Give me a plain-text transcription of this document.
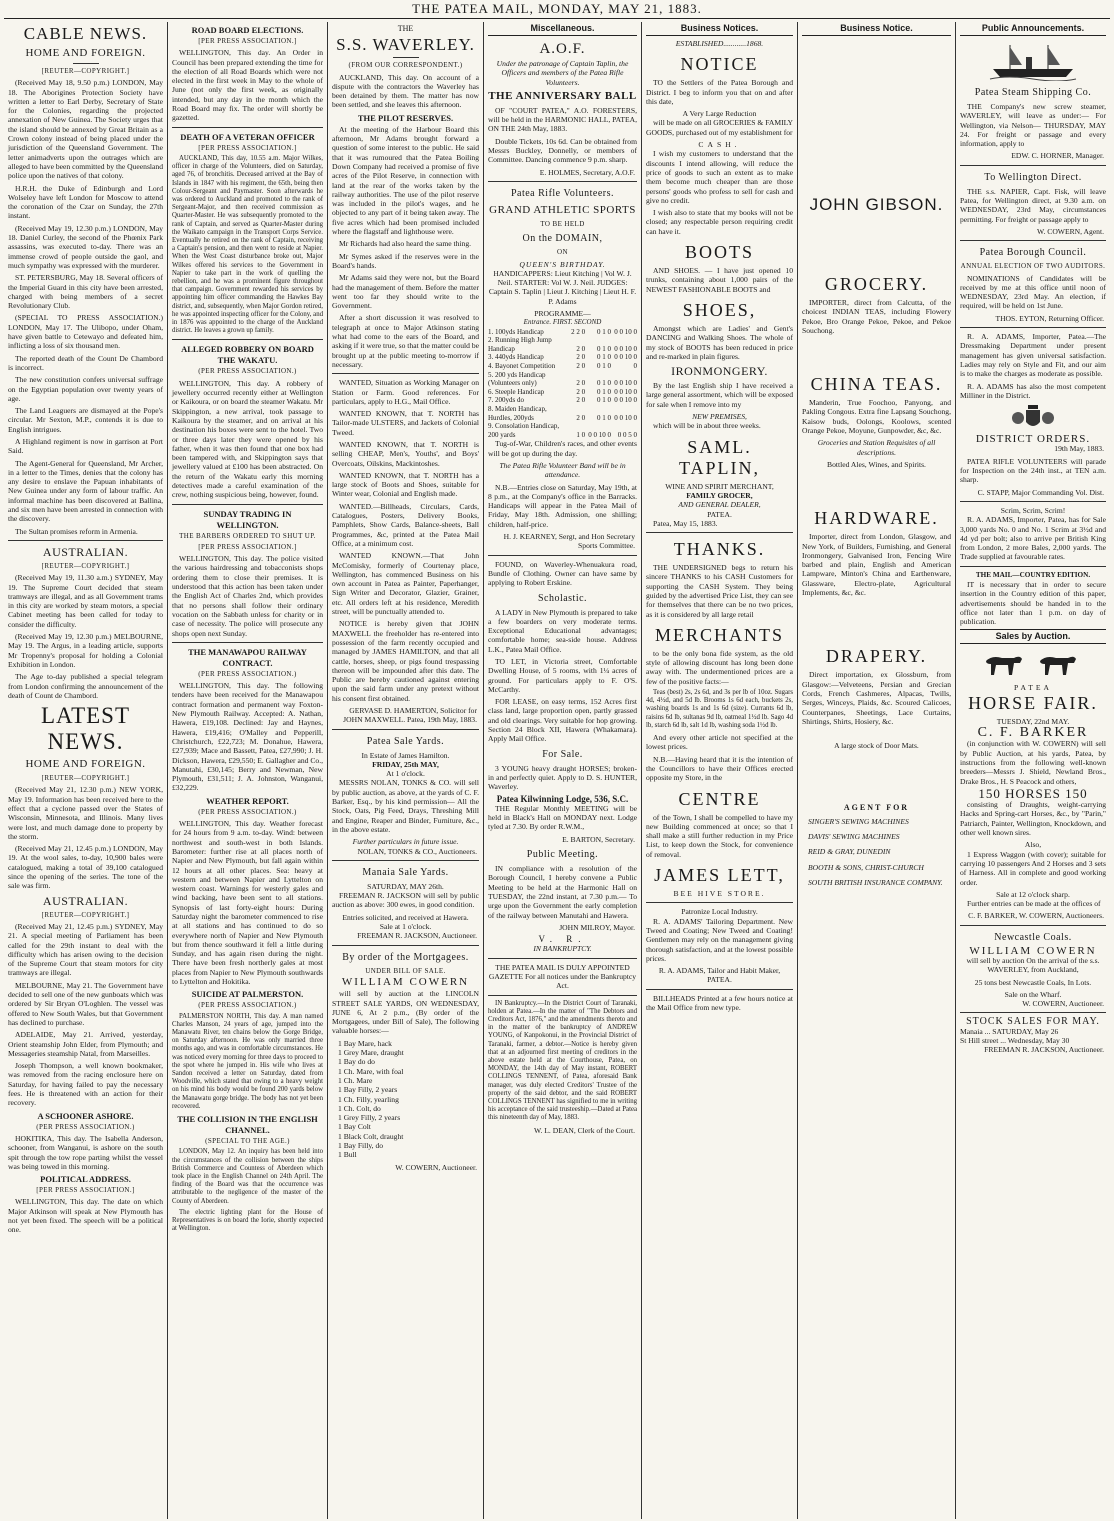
THE PATEA MAIL, MONDAY, MAY 21, 1883.
CABLE NEWS.
HOME AND FOREIGN.
[REUTER—COPYRIGHT.]

(Received May 18, 9.50 p.m.) LONDON, May 18. The Aborigines Protection Society have written a letter to Earl Derby, Secretary of State for the Colonies, regarding the projected annexation of New Guinea. The Society urges that the island should be annexed by Great Britain as a Crown colony instead of being placed under the jurisdiction of the Queensland Government. The letter animadverts upon the outrages which are alleged to have been committed by the Queensland police upon the natives of that colony.

H.R.H. the Duke of Edinburgh and Lord Wolseley have left London for Moscow to attend the coronation of the Czar on Sunday, the 27th instant.

(Received May 19, 12.30 p.m.) LONDON, May 18. Daniel Curley, the second of the Phœnix Park assassins, was executed to-day. There was an immense crowd of people outside the gaol, and much sympathy was expressed with the murderer.

ST. PETERSBURG, May 18. Several officers of the Imperial Guard in this city have been arrested, charged with being members of a secret Revolutionary Club.

(SPECIAL TO PRESS ASSOCIATION.) LONDON, May 17. The Ulibopo, under Oham, have given battle to Cetewayo and defeated him, inflicting a loss of six thousand men.

The reported death of the Count De Chambord is incorrect.

The new constitution confers universal suffrage on the Egyptian population over twenty years of age.

The Land Leaguers are dismayed at the Pope's circular. Mr Sexton, M.P., contends it is due to English intrigues.

A Highland regiment is now in garrison at Port Said.

The Agent-General for Queensland, Mr Archer, in a letter to the Times, denies that the colony has any desire to enslave the Papuan inhabitants of New Guinea under any form of labour traffic. An informal machine has been discovered at Ballina, and six men have been arrested in connection with the discovery.

The Sultan promises reform in Armenia.

AUSTRALIAN.
[REUTER—COPYRIGHT.]

(Received May 19, 11.30 a.m.) SYDNEY, May 19. The Supreme Court decided that steam tramways are illegal, and as all Government trams in this city are worked by steam motors, a special Cabinet meeting has been called for today to consider the difficulty.

(Received May 19, 12.30 p.m.) MELBOURNE, May 19. The Argus, in a leading article, supports Mr Tropenny's proposal for holding a Colonial Exhibition in London.

The Age to-day published a special telegram from London confirming the announcement of the death of Count de Chambord.

LATEST NEWS.
HOME AND FOREIGN.
[REUTER—COPYRIGHT.]

(Received May 21, 12.30 p.m.) NEW YORK, May 19. Information has been received here to the effect that a cyclone passed over the States of Wisconsin, Minnesota, and Illinois. Many lives were lost, and much damage done to property by the storm.

(Received May 21, 12.45 p.m.) LONDON, May 19. At the wool sales, to-day, 10,900 bales were catalogued, making a total of 39,100 catalogued since the opening of the series. The tone of the sale was firm.

AUSTRALIAN.
[REUTER—COPYRIGHT.]

(Received May 21, 12.45 p.m.) SYDNEY, May 21. A special meeting of Parliament has been called for the 29th instant to deal with the difficulty which has arisen owing to the decision of the Supreme Court that steam motors for city tramways are illegal.

MELBOURNE, May 21. The Government have decided to sell one of the new gunboats which was ordered by Sir Bryan O'Loghlen. The vessel was offered to New South Wales, but that Government has declined to purchase.

ADELAIDE, May 21. Arrived, yesterday, Orient steamship John Elder, from Plymouth; and Messageries steamship Natal, from Marseilles.

Joseph Thompson, a well known bookmaker, was removed from the racing enclosure here on Saturday, for having failed to pay the necessary fees. He is threatened with an action for their recovery.

A SCHOONER ASHORE.
(PER PRESS ASSOCIATION.)

HOKITIKA, This day. The Isabella Anderson, schooner, from Wanganui, is ashore on the south spit through the tow rope parting whilst the vessel was being towed in this morning.

POLITICAL ADDRESS.
[PER PRESS ASSOCIATION.]

WELLINGTON, This day. The date on which Major Atkinson will speak at New Plymouth has not yet been fixed. The speech will be a political one.

ROAD BOARD ELECTIONS.
[PER PRESS ASSOCIATION.]

WELLINGTON, This day. An Order in Council has been prepared extending the time for the election of all Road Boards which were not elected in the first week in May to the whole of June (not only the first week, as originally intended, but any day in the month which the Road Board may fix. The order will shortly be gazetted.

DEATH OF A VETERAN OFFICER
[PER PRESS ASSOCIATION.]

AUCKLAND, This day, 10.55 a.m. Major Wilkes, officer in charge of the Volunteers, died on Saturday, aged 76, of bronchitis. Deceased arrived at the Bay of Islands in 1847 with his regiment, the 65th, being then Colour-Sergeant and Paymaster. Soon afterwards he was ordered to Auckland and promoted to the rank of Sergeant-Major, and then received commission as Quarter-Master. He was subsequently promoted to the rank of Captain, and served as Quarter-Master during the Waikato campaign in the Transport Corps Service. Eventually he retired on the rank of Captain, receiving a Captain's pension, and then went to reside at Napier. When the West Coast disturbance broke out, Major Wilkes offered his services to the Government in Napier to take part in the work of quelling the rebellion, and he was a prominent figure throughout that campaign. Government rewarded his services by appointing him officer commanding the Hawkes Bay district, and, subsequently, when Major Gordon retired, he was appointed inspecting officer for the Colony, and in 1876 was appointed to the charge of the Auckland district. He leaves a grown up family.

ALLEGED ROBBERY ON BOARD THE WAKATU.
(PER PRESS ASSOCIATION.)

WELLINGTON, This day. A robbery of jewellery occurred recently either at Wellington or Kaikoura, or on board the steamer Wakatu. Mr Skippington, a new arrival, took passage to Kaikoura by the steamer, and on arrival at his destination his boxes were sent to the hotel. Two or three days later they were opened by his father, when it was then found that one box had been tampered with, and Skippington says that jewellery valued at £100 has been abstracted. On the return of the Wakatu early this morning detectives made a careful examination of the crew, nothing suspicious being, however, found.

SUNDAY TRADING IN WELLINGTON.
THE BARBERS ORDERED TO SHUT UP.
[PER PRESS ASSOCIATION.]

WELLINGTON, This day. The police visited the various hairdressing and tobacconists shops ordering them to close their premises. It is understood that this action has been taken under the English Act of Charles 2nd, which provides that no persons shall follow their ordinary vocation on the Sabbath unless for charity or in case of necessity. The police will prosecute any shops open next Sunday.

THE MANAWAPOU RAILWAY CONTRACT.
(PER PRESS ASSOCIATION.)

WELLINGTON, This day. The following tenders have been received for the Manawapou contract formation and permanent way Foxton-New Plymouth Railway. Accepted: A. Nathan, Hawera, £19,108. Declined: Jay and Haynes, Hawera, £19,416; O'Malley and Pepperill, Christchurch, £22,723; M. Donahue, Hawera, £27,939; Mace and Bassett, Patea, £27,990; J. H. Dickson, Hawera, £29,550; E. Gallagher and Co., Manutahi, £30,145; Berry and Newman, New Plymouth, £31,511; J. A. Johnston, Wanganui, £32,229.

WEATHER REPORT.
(PER PRESS ASSOCIATION.)

WELLINGTON, This day. Weather forecast for 24 hours from 9 a.m. to-day. Wind: between northwest and south-west in both Islands. Barometer: further rise at all places north of Napier and New Plymouth, but fall again within 12 hours at all other places. Sea: heavy at western and between Napier and Lyttelton on western coast. Warnings for westerly gales and wind backing, have been sent to all stations. Synopsis of last forty-eight hours: During Saturday night the barometer commenced to rise at all stations and has continued to do so everywhere north of Napier and New Plymouth but from thence southward it fell a little during Sunday, and has again risen during the night. There have been fresh northerly gales at most places from Napier to New Plymouth southwards to Lyttelton and Hokitika.

SUICIDE AT PALMERSTON.
(PER PRESS ASSOCIATION.)

PALMERSTON NORTH, This day. A man named Charles Manson, 24 years of age, jumped into the Manawatu River, ten chains below the Gorge Bridge, on Saturday afternoon. He was only married three months ago, and was in comfortable circumstances. He was noticed every morning for three days to proceed to the spot where he jumped in. His wife who lives at Sandon received a letter on Saturday, dated from Woodville, which stated that owing to a heavy weight on his mind his body would be found 200 yards below the Manawatu gorge bridge. The body has not yet been recovered.

THE COLLISION IN THE ENGLISH CHANNEL.
(SPECIAL TO THE AGE.)

LONDON, May 12. An inquiry has been held into the circumstances of the collision between the ships British Commerce and Countess of Aberdeen which took place in the English Channel on 24th April. The finding of the Board was that the occurrence was attributable to the negligence of the master of the County of Aberdeen.

The electric lighting plant for the House of Representatives is on board the Iorie, shortly expected at Wellington.

THE
S.S. WAVERLEY.
(FROM OUR CORRESPONDENT.)

AUCKLAND, This day. On account of a dispute with the contractors the Waverley has been detained by them. The matter has now been settled, and she leaves this afternoon.

THE PILOT RESERVES.

At the meeting of the Harbour Board this afternoon, Mr Adams brought forward a question of some interest to the public. He said that it was rumoured that the Patea Boiling Down Company had received a promise of five acres of the Pilot Reserve, in connection with land at the rear of the works taken by the railway authorities. The use of the pilot reserve was included in the pilot's wages, and he objected to any part of it being taken away. The five acres which had been promised included where the flagstaff and lighthouse were.

Mr Richards had also heard the same thing.

Mr Symes asked if the reserves were in the Board's hands.

Mr Adams said they were not, but the Board had the management of them. Before the matter went too far they should write to the Government.

After a short discussion it was resolved to telegraph at once to Major Atkinson stating what had come to the ears of the Board, and asking if it were true, so that the matter could be brought up at the public meeting to-morrow if necessary.

WANTED, Situation as Working Manager on Station or Farm. Good references. For particulars, apply to H.G., Mail Office.

WANTED KNOWN, that T. NORTH has Tailor-made ULSTERS, and Jackets of Colonial Tweed.

WANTED KNOWN, that T. NORTH is selling CHEAP, Men's, Youths', and Boys' Overcoats, Oilskins, Mackintoshes.

WANTED KNOWN, that T. NORTH has a large stock of Boots and Shoes, suitable for Winter wear, Colonial and English made.

WANTED.—Billheads, Circulars, Cards, Catalogues, Posters, Delivery Books, Pamphlets, Show Cards, Balance-sheets, Ball Programmes, &c, printed at the Patea Mail Office, at a minimum cost.

WANTED KNOWN.—That John McComisky, formerly of Courtenay place, Wellington, has commenced Business on his own account in Patea as Painter, Paperhanger, Sign Writer and Decorator, Glazier, Grainer, etc. All orders left at his residence, Meredith street, will be punctually attended to.

NOTICE is hereby given that JOHN MAXWELL the freeholder has re-entered into possession of the farm recently occupied and managed by JAMES HAMILTON, and that all cattle, horses, sheep, or pigs found trespassing thereon will be impounded after this date. The Public are hereby cautioned against entering upon the said farm under any pretext without his consent first obtained.

GERVASE D. HAMERTON, Solicitor for JOHN MAXWELL. Patea, 19th May, 1883.

Patea Sale Yards.
In Estate of James Hamilton.
FRIDAY, 25th MAY,
At 1 o'clock.

MESSRS NOLAN, TONKS & CO. will sell by public auction, as above, at the yards of C. F. Barker, Esq., by his kind permission— All the Stock, Oats, Pig Feed, Drays, Threshing Mill and Engine, Reaper and Binder, Furniture, &c., in the above estate.

Further particulars in future issue.

NOLAN, TONKS & CO., Auctioneers.

Manaia Sale Yards.
SATURDAY, MAY 26th.

FREEMAN R. JACKSON will sell by public auction as above: 300 ewes, in good condition.

Entries solicited, and received at Hawera.
Sale at 1 o'clock.

FREEMAN R. JACKSON, Auctioneer.

By order of the Mortgagees.
UNDER BILL OF SALE.
WILLIAM COWERN

will sell by auction at the LINCOLN STREET SALE YARDS, ON WEDNESDAY, JUNE 6, At 2 p.m., (By order of the Mortgagees, under Bill of Sale), The following valuable horses:—

1 Bay Mare, hack
1 Grey Mare, draught
1 Bay do do
1 Ch. Mare, with foal
1 Ch. Mare
1 Bay Filly, 2 years
1 Ch. Filly, yearling
1 Ch. Colt, do
1 Grey Filly, 2 years
1 Bay Colt
1 Black Colt, draught
1 Bay Filly, do
1 Bull

W. COWERN, Auctioneer.

Miscellaneous.
A.O.F.
Under the patronage of Captain Taplin, the Officers and members of the Patea Rifle Volunteers.
THE ANNIVERSARY BALL

OF "COURT PATEA," A.O. FORESTERS, will be held in the HARMONIC HALL, PATEA, ON THE 24th May, 1883.

Double Tickets, 10s 6d. Can be obtained from Messrs Buckley, Donnelly, or members of Committee. Dancing commence 9 p.m. sharp.

E. HOLMES, Secretary, A.O.F.

Patea Rifle Volunteers.
GRAND ATHLETIC SPORTS
TO BE HELD
On the DOMAIN,
ON
QUEEN'S BIRTHDAY.

HANDICAPPERS: Lieut Kitching | Vol W. J. Neil. STARTER: Vol W. J. Neil. JUDGES: Captain S. Taplin | Lieut J. Kitching | Lieut H. F. P. Adams

PROGRAMME—
Entrance. FIRST. SECOND
1. 100yds Handicap	2 2 0	0 1 0	0 0 10 0
2. Running High Jump			
Handicap	2 0	0 1 0	0 0 10 0
3. 440yds Handicap	2 0	0 1 0	0 0 10 0
4. Bayonet Competition	2 0	0 1 0	0
5. 200 yds Handicap			
(Volunteers only)	2 0	0 1 0	0 0 10 0
6. Steeple Handicap	2 0	0 1 0	0 0 10 0
7. 200yds do	2 0	0 1 0	0 0 10 0
8. Maiden Handicap,			
Hurdles, 200yds	2 0	0 1 0	0 0 10 0
9. Consolation Handicap,			
200 yards	1 0	0 0 10 0	0 0 5 0

Tug-of-War, Children's races, and other events will be got up during the day.

The Patea Rifle Volunteer Band will be in attendance.

N.B.—Entries close on Saturday, May 19th, at 8 p.m., at the Company's office in the Barracks. Handicaps will appear in the Patea Mail of Friday, May 18th. Admission, one shilling; children, half-price.

H. J. KEARNEY, Sergt, and Hon Secretary Sports Committee.

FOUND, on Waverley-Whenuakura road, Bundle of Clothing. Owner can have same by applying to Robert Erskine.

Scholastic.

A LADY in New Plymouth is prepared to take a few boarders on very moderate terms. Exceptional Educational advantages; comfortable home; sea-side house. Address L.K., Patea Mail Office.

TO LET, in Victoria street, Comfortable Dwelling House, of 5 rooms, with 1¼ acres of ground. For particulars apply to F. O'S. McCarthy.

FOR LEASE, on easy terms, 152 Acres first class land, large proportion open, partly grassed and old clearings. Very suitable for hop growing. Section 24 Block XII, Hawera (Whakamara). Apply Mail Office.

For Sale.

3 YOUNG heavy draught HORSES; broken-in and perfectly quiet. Apply to D. S. HUNTER, Waverley.

Patea Kilwinning Lodge, 536, S.C.

THE Regular Monthly MEETING will be held in Black's Hall on MONDAY next. Lodge tyled at 7.30. By order R.W.M.,

E. BARTON, Secretary.

Public Meeting.

IN compliance with a resolution of the Borough Council, I hereby convene a Public Meeting to be held at the Harmonic Hall on TUESDAY, the 22nd instant, at 7.30 p.m.— To urge upon the Government the early completion of the railway between Manutahi and Hawera.

JOHN MILROY, Mayor.

V. R.
IN BANKRUPTCY.

THE PATEA MAIL IS DULY APPOINTED GAZETTE For all notices under the Bankruptcy Act.

IN Bankruptcy.—In the District Court of Taranaki, holden at Patea.—In the matter of "The Debtors and Creditors Act, 1876," and the amendments thereto and in the matter of the bankruptcy of ANDREW YOUNG, of Kanpokonui, in the Provincial District of Taranaki, farmer, a debtor.—Notice is hereby given that at an adjourned first meeting of creditors in the above estate held at the Courthouse, Patea, on MONDAY, the 14th day of May instant, ROBERT COLLINGS TENNENT, of Patea, aforesaid Bank manager, was duly elected Creditors' Trustee of the property of the said debtor, and the said ROBERT COLLINGS TENNENT has signified to me in writing his acceptance of the said trusteeship.—Dated at Patea this nineteenth day of May, 1883.

W. L. DEAN, Clerk of the Court.

Business Notices.
ESTABLISHED............1868.
NOTICE

TO the Settlers of the Patea Borough and District. I beg to inform you that on and after this date,

A Very Large Reduction

will be made on all GROCERIES & FAMILY GOODS, purchased out of my establishment for

CASH.

I wish my customers to understand that the discounts I intend allowing, will reduce the price of goods to such an extent as to make them become much cheaper than are those persons' goods who profess to sell for cash and give no credit.

I wish also to state that my books will not be closed; any respectable person requiring credit can have it.

BOOTS

AND SHOES. — I have just opened 10 trunks, containing about 1,000 pairs of the NEWEST FASHIONABLE BOOTS and

SHOES,

Amongst which are Ladies' and Gent's DANCING and Walking Shoes. The whole of my stock of BOOTS has been reduced in price and re-marked in plain figures.

IRONMONGERY.

By the last English ship I have received a large general assortment, which will be exposed for sale when I remove into my

NEW PREMISES,

which will be in about three weeks.

SAML. TAPLIN,
WINE AND SPIRIT MERCHANT,
FAMILY GROCER,
AND GENERAL DEALER,
PATEA.

Patea, May 15, 1883.

THANKS.

THE UNDERSIGNED begs to return his sincere THANKS to his CASH Customers for supporting the CASH System. They being guided by the advertised Price List, they can see for themselves that there can be no two prices, as it is considered by all large retail

MERCHANTS

to be the only bona fide system, as the old style of allowing discount has long been done away with. The undermentioned prices are a few of the positive facts:—

Teas (best) 2s, 2s 6d, and 3s per lb of 10oz. Sugars 4d, 4½d, and 5d lb. Brooms 1s 6d each, buckets 2s, washing boards 1s and 1s 6d (size). Currants 6d lb, raisins 6d lb, sultanas 9d lb, oatmeal 1½d lb. Sago 4d lb, starch 6d lb, salt 1d lb, washing soda 1½d lb.

And every other article not specified at the lowest prices.

N.B.—Having heard that it is the intention of the Councillors to have their Offices erected opposite my Store, in the

CENTRE

of the Town, I shall be compelled to have my new Building commenced at once; so that I shall make a still further reduction in my Price List, to keep down the Stock, for convenience of removal.

JAMES LETT,
BEE HIVE STORE.
Patronize Local Industry.

R. A. ADAMS' Tailoring Department. New Tweed and Coating; New Tweed and Coating! Gentlemen may rely on the management giving thorough satisfaction, and at the lowest possible prices.

R. A. ADAMS, Tailor and Habit Maker, PATEA.

BILLHEADS Printed at a few hours notice at the Mail Office from new type.

Business Notice.
JOHN GIBSON.
GROCERY.

IMPORTER, direct from Calcutta, of the choicest INDIAN TEAS, including Flowery Pekoe, Bro Orange Pekoe, Pekoe, and Pekoe Souchong.

CHINA TEAS.

Manderin, True Foochoo, Panyong, and Pakling Congous. Extra fine Lapsang Souchong, Kaisow buds, Oolongs, Koolows, scented Orange Pekoe, Moyune, Gunpowder, &c, &c.

Groceries and Station Requisites of all descriptions.

Bottled Ales, Wines, and Spirits.

HARDWARE.

Importer, direct from London, Glasgow, and New York, of Builders, Furnishing, and General Ironmongery, Galvanised Iron, Fencing Wire barbed and plain, English and American Lampware, Minton's China and Earthenware, Glassware, Electro-plate, Agricultural Implements, &c, &c.

DRAPERY.

Direct importation, ex Glossburn, from Glasgow:—Velveteens, Persian and Grecian Cords, French Cashmeres, Alpacas, Twills, Serges, Winceys, Plaids, &c. Scoured Calicoes, Counterpanes, Sheetings, Lace Curtains, Shirtings, Shirts, Hosiery, &c.

A large stock of Door Mats.

AGENT FOR
SINGER'S SEWING MACHINES
DAVIS' SEWING MACHINES
REID & GRAY, DUNEDIN
BOOTH & SONS, CHRIST-CHURCH
SOUTH BRITISH INSURANCE COMPANY.
Public Announcements.
Patea Steam Shipping Co.

THE Company's new screw steamer, WAVERLEY, will leave as under:— For Wellington, via Nelson— THURSDAY, MAY 24. For freight or passage and every information, apply to

EDW. C. HORNER, Manager.

To Wellington Direct.

THE s.s. NAPIER, Capt. Fisk, will leave Patea, for Wellington direct, at 9.30 a.m. on WEDNESDAY, 23rd May, circumstances permitting. For freight or passage apply to

W. COWERN, Agent.

Patea Borough Council.
ANNUAL ELECTION OF TWO AUDITORS.

NOMINATIONS of Candidates will be received by me at this office until noon of WEDNESDAY, 23rd May. An election, if required, will be held on 1st June.

THOS. EYTON, Returning Officer.

R. A. ADAMS, Importer, Patea.—The Dressmaking Department under present management has given universal satisfaction. Ladies may rely on Style and Fit, and our aim is to make the charges as moderate as possible.

R. A. ADAMS has also the most competent Milliner in the District.

DISTRICT ORDERS.
19th May, 1883.

PATEA RIFLE VOLUNTEERS will parade for Inspection on the 24th inst., at TEN a.m. sharp.

C. STAPP, Major Commanding Vol. Dist.

Scrim, Scrim, Scrim!

R. A. ADAMS, Importer, Patea, has for Sale 3,000 yards No. 0 and No. 1 Scrim at 3½d and 4d yd per bolt; also to arrive per British King from London, 2 more Bales, 2,000 yards. The Trade supplied at favourable rates.

THE MAIL—COUNTRY EDITION.

IT is necessary that in order to secure insertion in the Country edition of this paper, advertisements should be handed in to the office not later than 1 p.m. on day of publication.

Sales by Auction.
PATEA
HORSE FAIR.
TUESDAY, 22nd MAY.
C. F. BARKER

(in conjunction with W. COWERN) will sell by Public Auction, at his yards, Patea, by instructions from the following well-known breeders—Messrs J. Shield, Newland Bros., Drake Bros., H. S Peacock and others,

150 HORSES 150

consisting of Draughts, weight-carrying Hacks and Spring-cart Horses, &c., by "Parin," Patriarch, Painter, Wellington, Knockdown, and other well known sires.

Also,

1 Express Waggon (with cover); suitable for carrying 10 passengers And 2 Horses and 3 sets of Harness. All in complete and good working order.

Sale at 12 o'clock sharp.

Further entries can be made at the offices of

C. F. BARKER, W. COWERN, Auctioneers.

Newcastle Coals.
WILLIAM COWERN

will sell by auction On the arrival of the s.s. WAVERLEY, from Auckland,

25 tons best Newcastle Coals, In Lots.

Sale on the Wharf.

W. COWERN, Auctioneer.

STOCK SALES FOR MAY.
Manaia ... SATURDAY, May 26
St Hill street ... Wednesday, May 30

FREEMAN R. JACKSON, Auctioneer.
